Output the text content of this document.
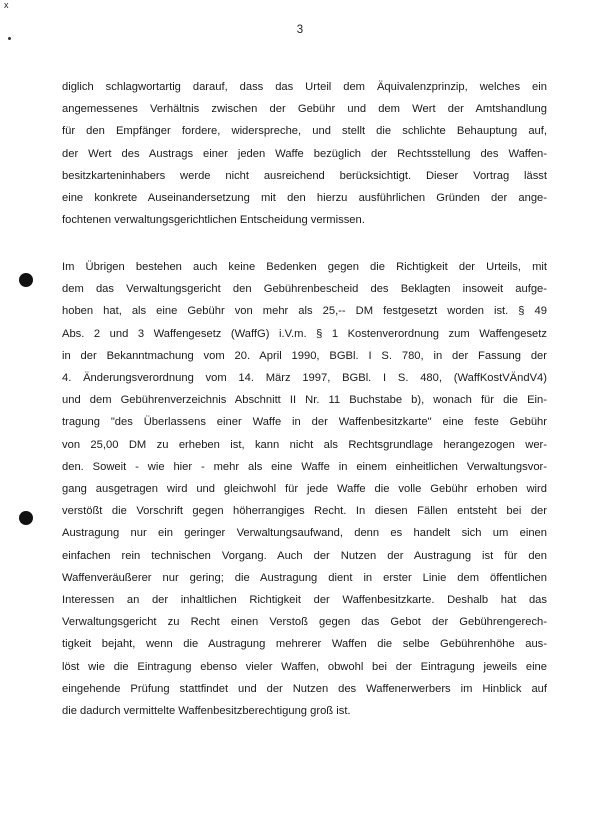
x
3
diglich schlagwortartig darauf, dass das Urteil dem Äquivalenzprinzip, welches ein
angemessenes Verhältnis zwischen der Gebühr und dem Wert der Amtshandlung
für den Empfänger fordere, widerspreche, und stellt die schlichte Behauptung auf,
der Wert des Austrags einer jeden Waffe bezüglich der Rechtsstellung des Waffen-
besitzkarteninhabers werde nicht ausreichend berücksichtigt. Dieser Vortrag lässt
eine konkrete Auseinandersetzung mit den hierzu ausführlichen Gründen der ange-
fochtenen verwaltungsgerichtlichen Entscheidung vermissen.
Im Übrigen bestehen auch keine Bedenken gegen die Richtigkeit der Urteils, mit
dem das Verwaltungsgericht den Gebührenbescheid des Beklagten insoweit aufge-
hoben hat, als eine Gebühr von mehr als 25,-- DM festgesetzt worden ist. § 49
Abs. 2 und 3 Waffengesetz (WaffG) i.V.m. § 1 Kostenverordnung zum Waffengesetz
in der Bekanntmachung vom 20. April 1990, BGBl. I S. 780, in der Fassung der
4. Änderungsverordnung vom 14. März 1997, BGBl. I S. 480, (WaffKostVÄndV4)
und dem Gebührenverzeichnis Abschnitt II Nr. 11 Buchstabe b), wonach für die Ein-
tragung "des Überlassens einer Waffe in der Waffenbesitzkarte" eine feste Gebühr
von 25,00 DM zu erheben ist, kann nicht als Rechtsgrundlage herangezogen wer-
den. Soweit - wie hier - mehr als eine Waffe in einem einheitlichen Verwaltungsvor-
gang ausgetragen wird und gleichwohl für jede Waffe die volle Gebühr erhoben wird
verstößt die Vorschrift gegen höherrangiges Recht. In diesen Fällen entsteht bei der
Austragung nur ein geringer Verwaltungsaufwand, denn es handelt sich um einen
einfachen rein technischen Vorgang. Auch der Nutzen der Austragung ist für den
Waffenveräußerer nur gering; die Austragung dient in erster Linie dem öffentlichen
Interessen an der inhaltlichen Richtigkeit der Waffenbesitzkarte. Deshalb hat das
Verwaltungsgericht zu Recht einen Verstoß gegen das Gebot der Gebührengerech-
tigkeit bejaht, wenn die Austragung mehrerer Waffen die selbe Gebührenhöhe aus-
löst wie die Eintragung ebenso vieler Waffen, obwohl bei der Eintragung jeweils eine
eingehende Prüfung stattfindet und der Nutzen des Waffenerwerbers im Hinblick auf
die dadurch vermittelte Waffenbesitzberechtigung groß ist.
